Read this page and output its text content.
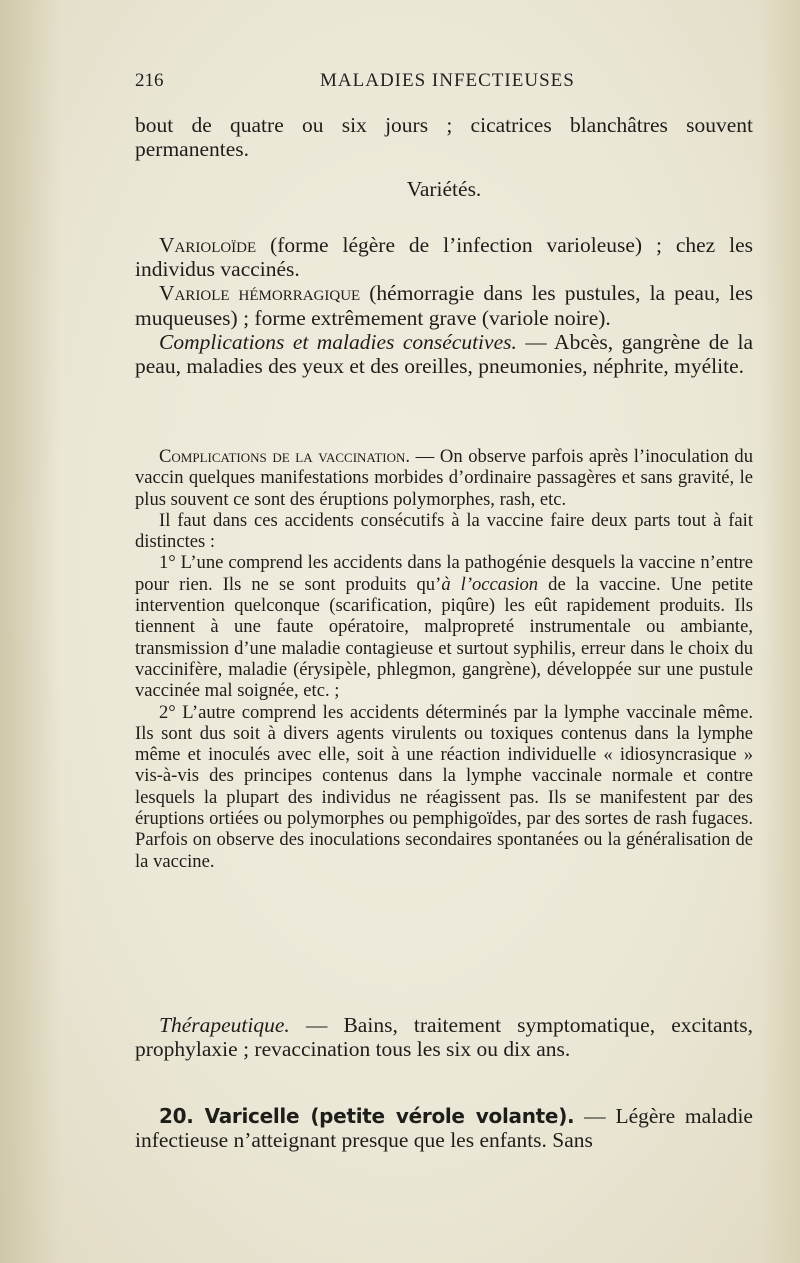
216	MALADIES INFECTIEUSES

bout de quatre ou six jours ; cicatrices blanchâtres souvent permanentes.

Variétés.

Varioloïde (forme légère de l’infection varioleuse) ; chez les individus vaccinés.

Variole hémorragique (hémorragie dans les pustules, la peau, les muqueuses) ; forme extrêmement grave (variole noire).

Complications et maladies consécutives. — Abcès, gangrène de la peau, maladies des yeux et des oreilles, pneumonies, néphrite, myélite.

Complications de la vaccination. — On observe parfois après l’inoculation du vaccin quelques manifestations morbides d’ordinaire passagères et sans gravité, le plus souvent ce sont des éruptions polymorphes, rash, etc.

Il faut dans ces accidents consécutifs à la vaccine faire deux parts tout à fait distinctes :

1° L’une comprend les accidents dans la pathogénie desquels la vaccine n’entre pour rien. Ils ne se sont produits qu’à l’occasion de la vaccine. Une petite intervention quelconque (scarification, piqûre) les eût rapidement produits. Ils tiennent à une faute opératoire, malpropreté instrumentale ou ambiante, transmission d’une maladie contagieuse et surtout syphilis, erreur dans le choix du vaccinifère, maladie (érysipèle, phlegmon, gangrène), développée sur une pustule vaccinée mal soignée, etc. ;

2° L’autre comprend les accidents déterminés par la lymphe vaccinale même. Ils sont dus soit à divers agents virulents ou toxiques contenus dans la lymphe même et inoculés avec elle, soit à une réaction individuelle « idiosyncrasique » vis-à-vis des principes contenus dans la lymphe vaccinale normale et contre lesquels la plupart des individus ne réagissent pas. Ils se manifestent par des éruptions ortiées ou polymorphes ou pemphigoïdes, par des sortes de rash fugaces. Parfois on observe des inoculations secondaires spontanées ou la généralisation de la vaccine.

Thérapeutique. — Bains, traitement symptomatique, excitants, prophylaxie ; revaccination tous les six ou dix ans.

20. Varicelle (petite vérole volante). — Légère maladie infectieuse n’atteignant presque que les enfants. Sans
